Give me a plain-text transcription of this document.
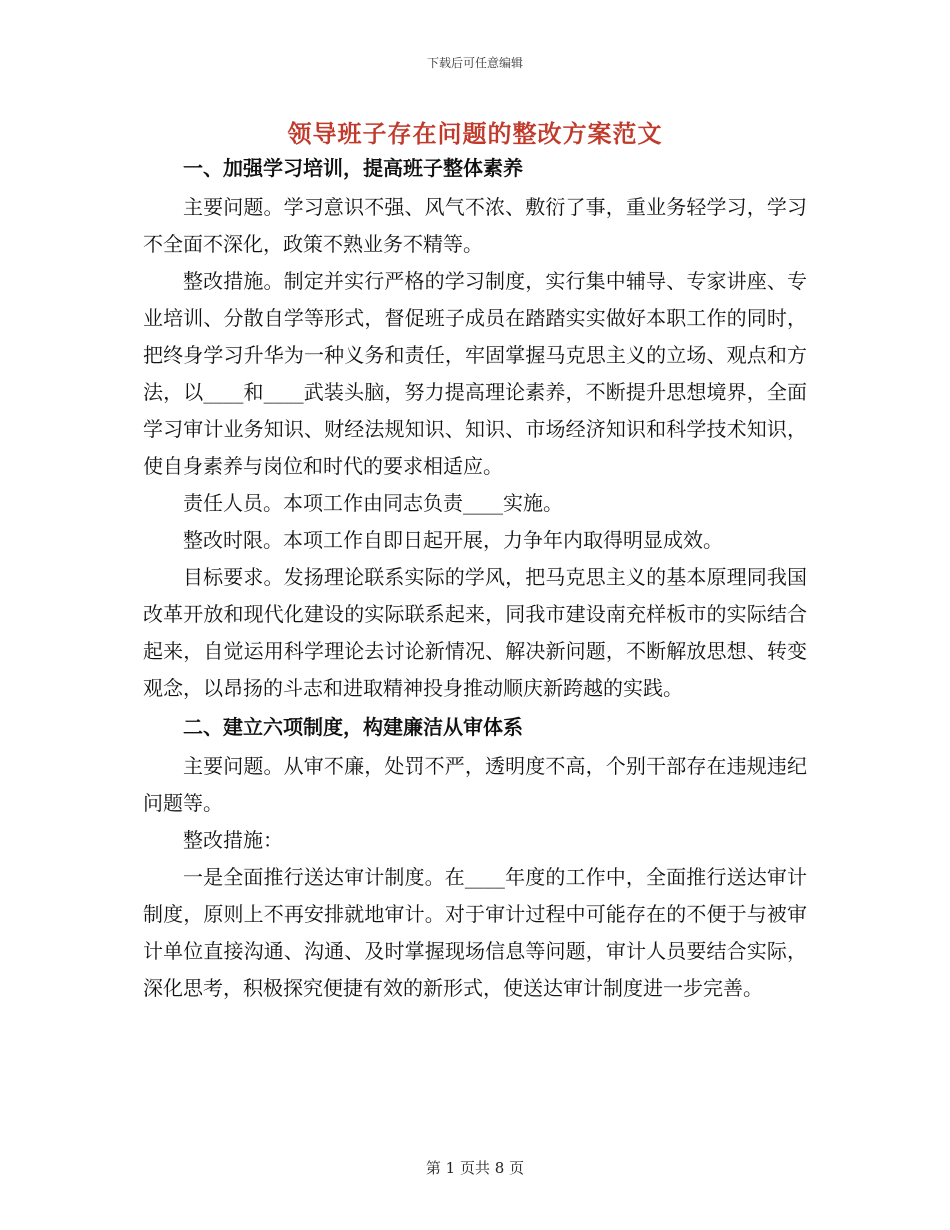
下载后可任意编辑
领导班子存在问题的整改方案范文

一、加强学习培训，提高班子整体素养

主要问题。学习意识不强、风气不浓、敷衍了事，重业务轻学习，学习不全面不深化，政策不熟业务不精等。

整改措施。制定并实行严格的学习制度，实行集中辅导、专家讲座、专业培训、分散自学等形式，督促班子成员在踏踏实实做好本职工作的同时，把终身学习升华为一种义务和责任，牢固掌握马克思主义的立场、观点和方法，以____和____武装头脑，努力提高理论素养，不断提升思想境界，全面学习审计业务知识、财经法规知识、知识、市场经济知识和科学技术知识，使自身素养与岗位和时代的要求相适应。

责任人员。本项工作由同志负责____实施。

整改时限。本项工作自即日起开展，力争年内取得明显成效。

目标要求。发扬理论联系实际的学风，把马克思主义的基本原理同我国改革开放和现代化建设的实际联系起来，同我市建设南充样板市的实际结合起来，自觉运用科学理论去讨论新情况、解决新问题，不断解放思想、转变观念，以昂扬的斗志和进取精神投身推动顺庆新跨越的实践。

二、建立六项制度，构建廉洁从审体系

主要问题。从审不廉，处罚不严，透明度不高，个别干部存在违规违纪问题等。

整改措施：

一是全面推行送达审计制度。在____年度的工作中，全面推行送达审计制度，原则上不再安排就地审计。对于审计过程中可能存在的不便于与被审计单位直接沟通、沟通、及时掌握现场信息等问题，审计人员要结合实际，深化思考，积极探究便捷有效的新形式，使送达审计制度进一步完善。

第 1 页共 8 页
